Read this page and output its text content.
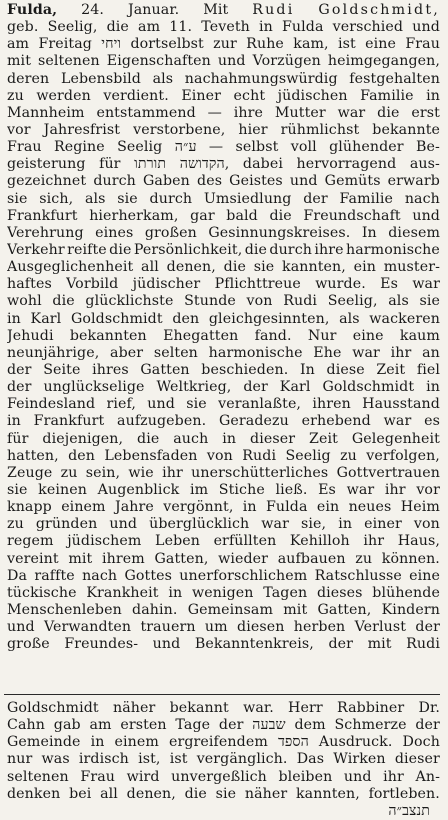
Fulda, 24. Januar. Mit Rudi Goldschmidt,
geb. Seelig, die am 11. Teveth in Fulda verschied und
am Freitag ויחי dortselbst zur Ruhe kam, ist eine Frau
mit seltenen Eigenschaften und Vorzügen heimgegangen,
deren Lebensbild als nachahmungswürdig festgehalten
zu werden verdient. Einer echt jüdischen Familie in
Mannheim entstammend — ihre Mutter war die erst
vor Jahresfrist verstorbene, hier rühmlichst bekannte
Frau Regine Seelig ע״ה — selbst voll glühender Be-
geisterung für תורתו הקדושה, dabei hervorragend aus-
gezeichnet durch Gaben des Geistes und Gemüts erwarb
sie sich, als sie durch Umsiedlung der Familie nach
Frankfurt hierherkam, gar bald die Freundschaft und
Verehrung eines großen Gesinnungskreises. In diesem
Verkehr reifte die Persönlichkeit, die durch ihre harmonische
Ausgeglichenheit all denen, die sie kannten, ein muster-
haftes Vorbild jüdischer Pflichttreue wurde. Es war
wohl die glücklichste Stunde von Rudi Seelig, als sie
in Karl Goldschmidt den gleichgesinnten, als wackeren
Jehudi bekannten Ehegatten fand. Nur eine kaum
neunjährige, aber selten harmonische Ehe war ihr an
der Seite ihres Gatten beschieden. In diese Zeit fiel
der unglückselige Weltkrieg, der Karl Goldschmidt in
Feindesland rief, und sie veranlaßte, ihren Hausstand
in Frankfurt aufzugeben. Geradezu erhebend war es
für diejenigen, die auch in dieser Zeit Gelegenheit
hatten, den Lebensfaden von Rudi Seelig zu verfolgen,
Zeuge zu sein, wie ihr unerschütterliches Gottvertrauen
sie keinen Augenblick im Stiche ließ. Es war ihr vor
knapp einem Jahre vergönnt, in Fulda ein neues Heim
zu gründen und überglücklich war sie, in einer von
regem jüdischem Leben erfüllten Kehilloh ihr Haus,
vereint mit ihrem Gatten, wieder aufbauen zu können.
Da raffte nach Gottes unerforschlichem Ratschlusse eine
tückische Krankheit in wenigen Tagen dieses blühende
Menschenleben dahin. Gemeinsam mit Gatten, Kindern
und Verwandten trauern um diesen herben Verlust der
große Freundes- und Bekanntenkreis, der mit Rudi
Goldschmidt näher bekannt war. Herr Rabbiner Dr.
Cahn gab am ersten Tage der שבעה dem Schmerze der
Gemeinde in einem ergreifendem הספד Ausdruck. Doch
nur was irdisch ist, ist vergänglich. Das Wirken dieser
seltenen Frau wird unvergeßlich bleiben und ihr An-
denken bei all denen, die sie näher kannten, fortleben.
תנצב״ה
